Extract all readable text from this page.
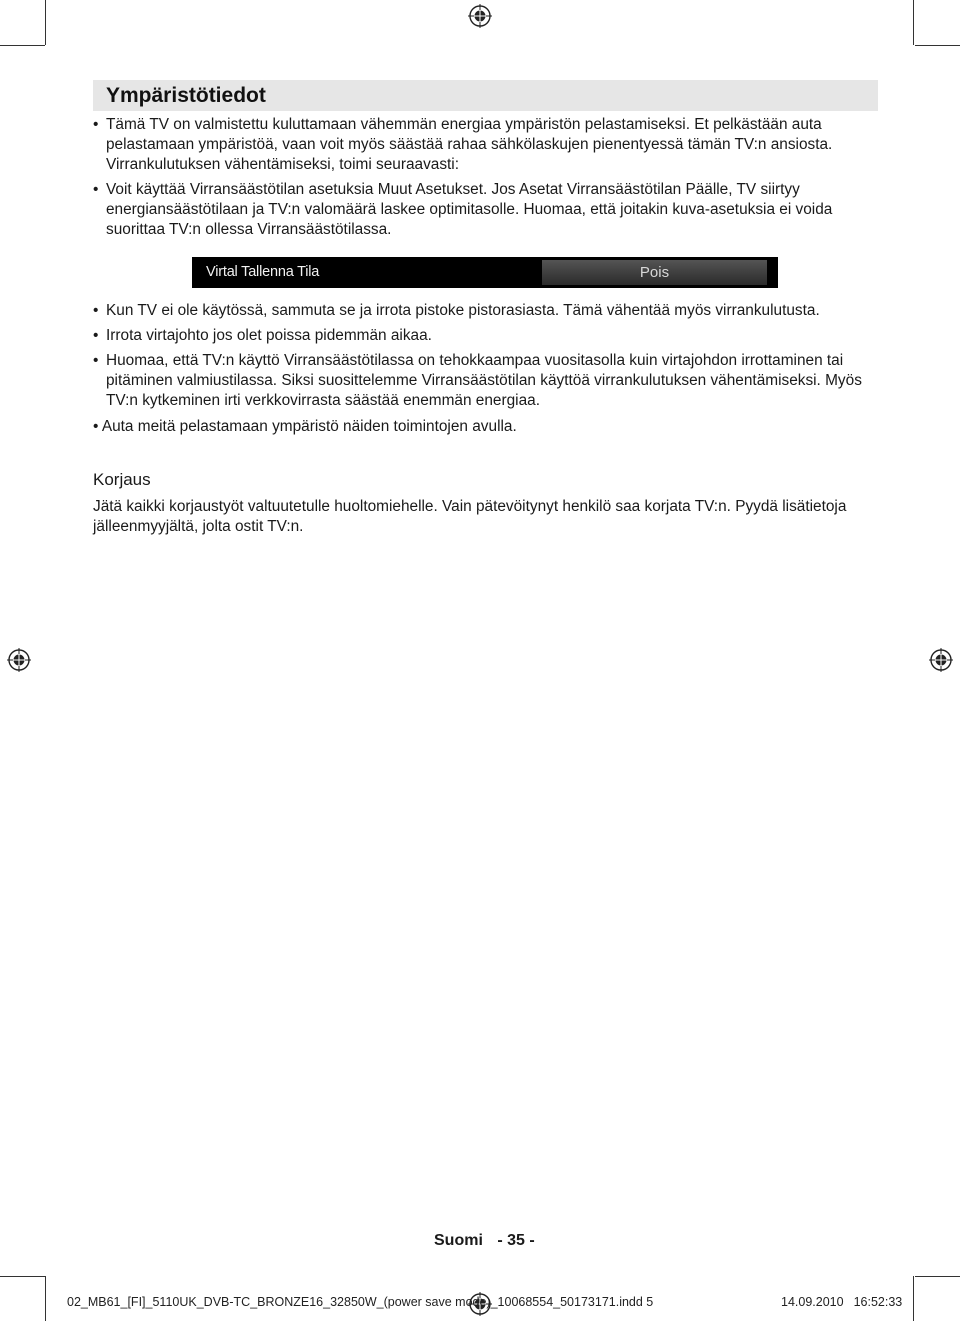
Ympäristötiedot
• Tämä TV on valmistettu kuluttamaan vähemmän energiaa ympäristön pelastamiseksi. Et pelkästään auta pelastamaan ympäristöä, vaan voit myös säästää rahaa sähkölaskujen pienentyessä tämän TV:n ansiosta. Virrankulutuksen vähentämiseksi, toimi seuraavasti:
• Voit käyttää Virransäästötilan asetuksia Muut Asetukset. Jos Asetat Virransäästötilan Päälle, TV siirtyy energiansäästötilaan ja TV:n valomäärä laskee optimitasolle. Huomaa, että joitakin kuva-asetuksia ei voida suorittaa TV:n ollessa Virransäästötilassa.
Virtal Tallenna Tila	Pois
• Kun TV ei ole käytössä, sammuta se ja irrota pistoke pistorasiasta. Tämä vähentää myös virrankulutusta.
• Irrota virtajohto jos olet poissa pidemmän aikaa.
• Huomaa, että TV:n käyttö Virransäästötilassa on tehokkaampaa vuositasolla kuin virtajohdon irrottaminen tai pitäminen valmiustilassa. Siksi suosittelemme Virransäästötilan käyttöä virrankulutuksen vähentämiseksi. Myös TV:n kytkeminen irti verkkovirrasta säästää enemmän energiaa.
• Auta meitä pelastamaan ympäristö näiden toimintojen avulla.
Korjaus

Jätä kaikki korjaustyöt valtuutetulle huoltomiehelle. Vain pätevöitynyt henkilö saa korjata TV:n. Pyydä lisätietoja jälleenmyyjältä, jolta ostit TV:n.

Suomi - 35 -
02_MB61_[FI]_5110UK_DVB-TC_BRONZE16_32850W_(power save mode)_10068554_50173171.indd 5	14.09.2010 16:52:33
